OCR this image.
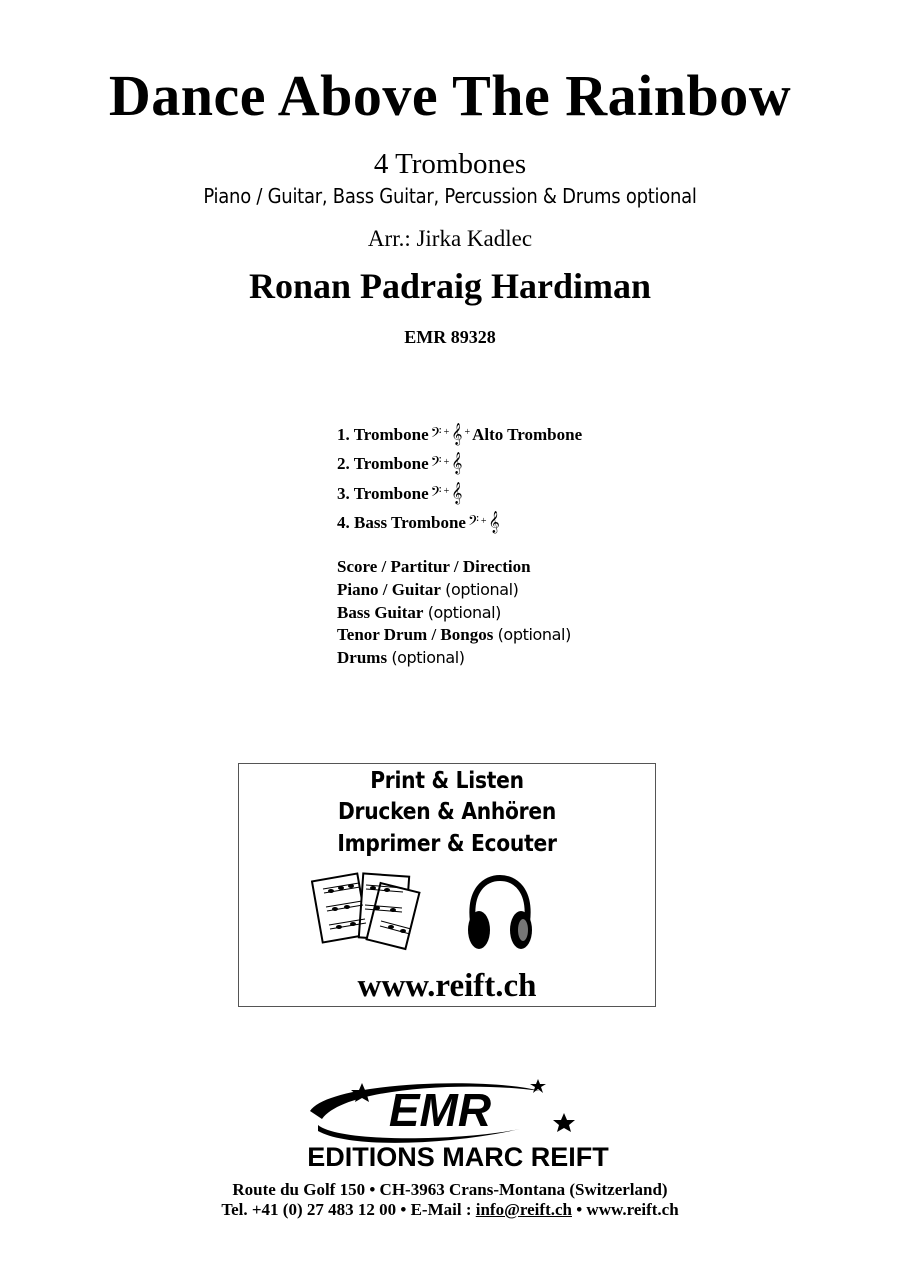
Dance Above The Rainbow
4 Trombones
Piano / Guitar, Bass Guitar, Percussion & Drums optional
Arr.: Jirka Kadlec
Ronan Padraig Hardiman
EMR 89328
1. Trombone 𝄢 + 𝄞 + Alto Trombone
2. Trombone 𝄢 + 𝄞
3. Trombone 𝄢 + 𝄞
4. Bass Trombone 𝄢 + 𝄞
Score / Partitur / Direction
Piano / Guitar (optional)
Bass Guitar (optional)
Tenor Drum / Bongos (optional)
Drums (optional)
Print & Listen
Drucken & Anhören
Imprimer & Ecouter
www.reift.ch
EMR
EDITIONS MARC REIFT
Route du Golf 150 • CH-3963 Crans-Montana (Switzerland)
Tel. +41 (0) 27 483 12 00 • E-Mail : info@reift.ch • www.reift.ch
